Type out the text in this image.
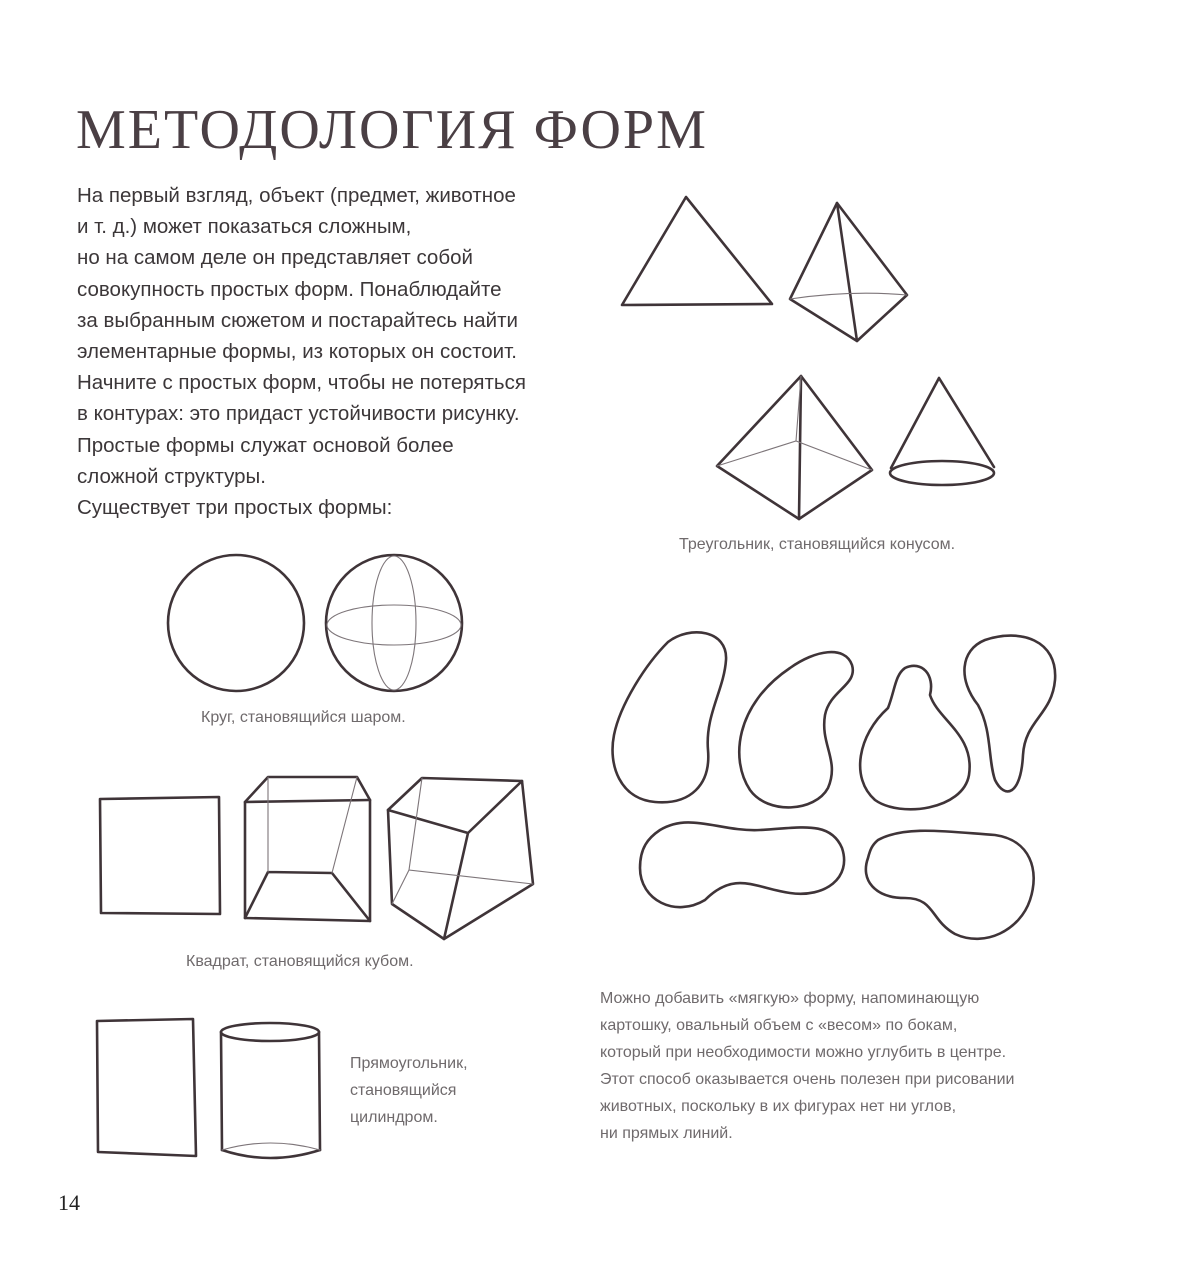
МЕТОДОЛОГИЯ ФОРМ
На первый взгляд, объект (предмет, животное
и т. д.) может показаться сложным,
но на самом деле он представляет собой
совокупность простых форм. Понаблюдайте
за выбранным сюжетом и постарайтесь найти
элементарные формы, из которых он состоит.
Начните с простых форм, чтобы не потеряться
в контурах: это придаст устойчивости рисунку.
Простые формы служат основой более
сложной структуры.
Существует три простых формы:
Треугольник, становящийся конусом.
Круг, становящийся шаром.
Квадрат, становящийся кубом.
Прямоугольник,
становящийся
цилиндром.
Можно добавить «мягкую» форму, напоминающую
картошку, овальный объем с «весом» по бокам,
который при необходимости можно углубить в центре.
Этот способ оказывается очень полезен при рисовании
животных, поскольку в их фигурах нет ни углов,
ни прямых линий.
14
